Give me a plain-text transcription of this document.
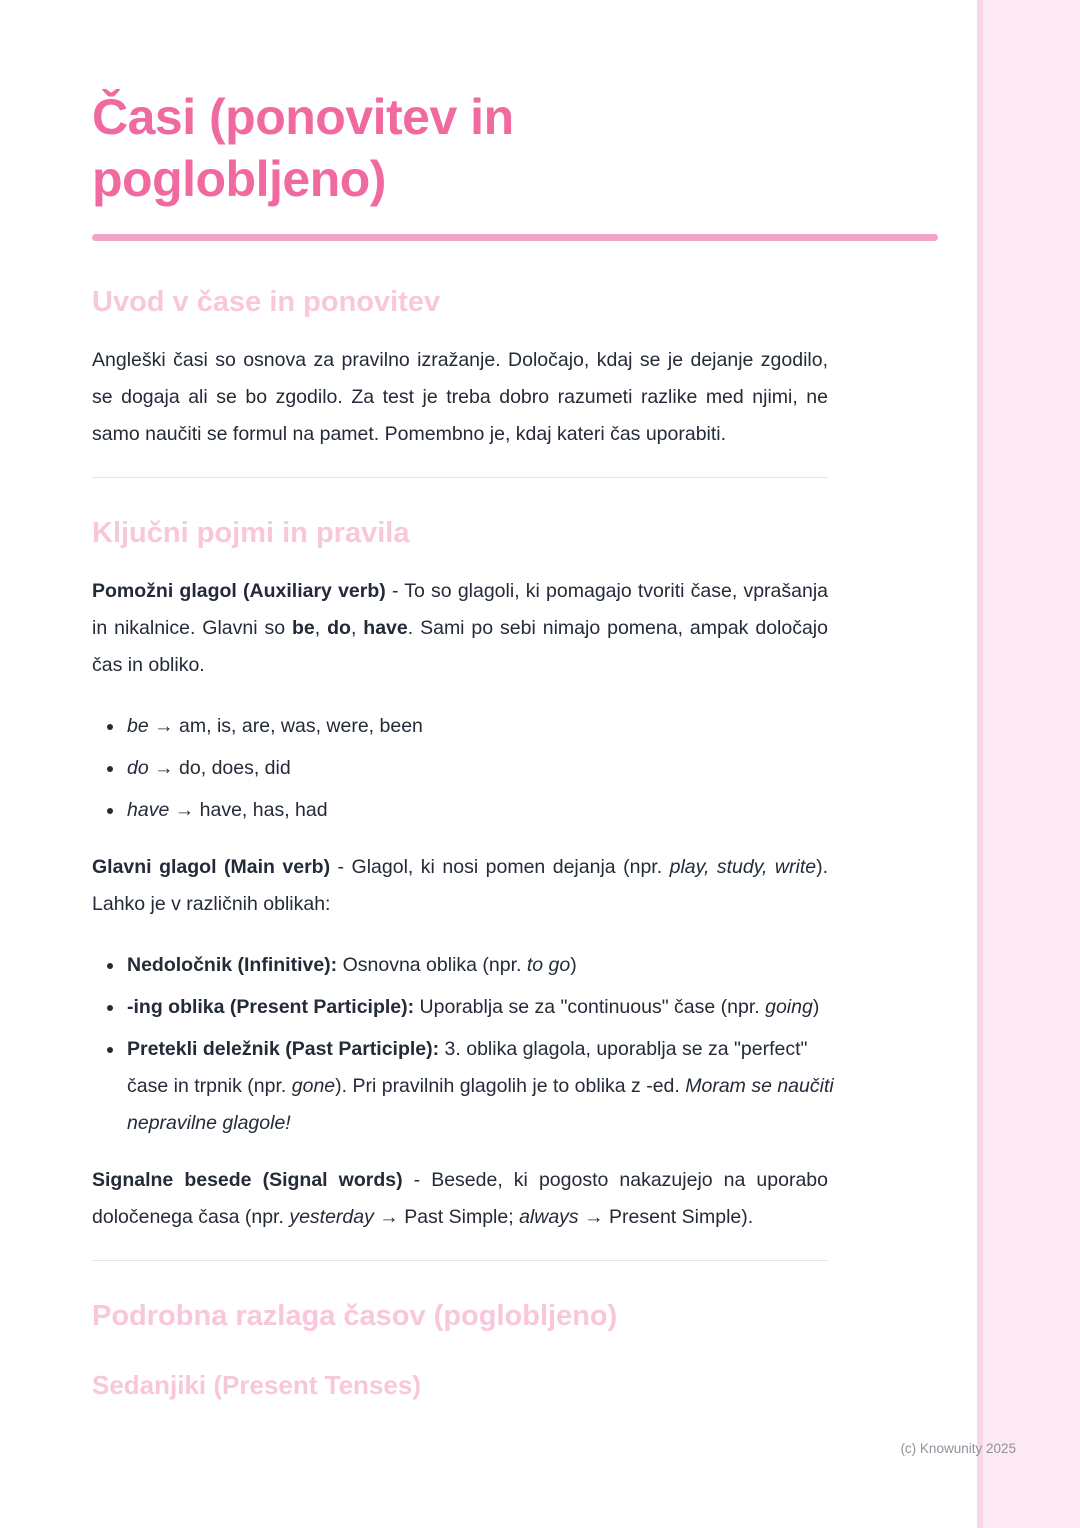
Časi (ponovitev in poglobljeno)
Uvod v čase in ponovitev

Angleški časi so osnova za pravilno izražanje. Določajo, kdaj se je dejanje zgodilo, se dogaja ali se bo zgodilo. Za test je treba dobro razumeti razlike med njimi, ne samo naučiti se formul na pamet. Pomembno je, kdaj kateri čas uporabiti.

Ključni pojmi in pravila

Pomožni glagol (Auxiliary verb) - To so glagoli, ki pomagajo tvoriti čase, vprašanja in nikalnice. Glavni so be, do, have. Sami po sebi nimajo pomena, ampak določajo čas in obliko.

• be → am, is, are, was, were, been
• do → do, does, did
• have → have, has, had

Glavni glagol (Main verb) - Glagol, ki nosi pomen dejanja (npr. play, study, write). Lahko je v različnih oblikah:

• Nedoločnik (Infinitive): Osnovna oblika (npr. to go)
• -ing oblika (Present Participle): Uporablja se za "continuous" čase (npr. going)
• Pretekli deležnik (Past Participle): 3. oblika glagola, uporablja se za "perfect" čase in trpnik (npr. gone). Pri pravilnih glagolih je to oblika z -ed. Moram se naučiti nepravilne glagole!

Signalne besede (Signal words) - Besede, ki pogosto nakazujejo na uporabo določenega časa (npr. yesterday → Past Simple; always → Present Simple).

Podrobna razlaga časov (poglobljeno)
Sedanjiki (Present Tenses)
(c) Knowunity 2025
